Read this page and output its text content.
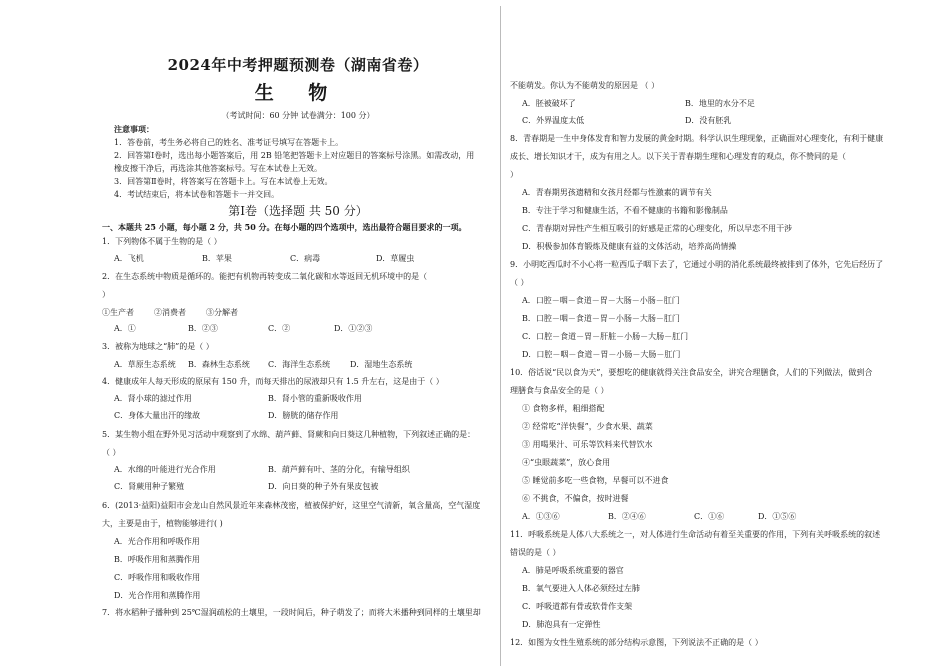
2024年中考押题预测卷（湖南省卷）
生 物
（考试时间：60 分钟 试卷满分：100 分）
注意事项：
1．答卷前，考生务必将自己的姓名、准考证号填写在答题卡上。
2．回答第Ⅰ卷时，选出每小题答案后，用 2B 铅笔把答题卡上对应题目的答案标号涂黑。如需改动，用
橡皮擦干净后，再选涂其他答案标号。写在本试卷上无效。
3．回答第Ⅱ卷时，将答案写在答题卡上。写在本试卷上无效。
4．考试结束后，将本试卷和答题卡一并交回。
第Ⅰ卷（选择题 共 50 分）
一、本题共 25 小题，每小题 2 分，共 50 分。在每小题的四个选项中，选出最符合题目要求的一项。
1．下列物体不属于生物的是（ ）
A．飞机	B．苹果	C．病毒	D．草履虫
2．在生态系统中物质是循环的。能把有机物再转变成二氧化碳和水等返回无机环境中的是（
）
①生产者	②消费者	③分解者
A．①	B．②③	C．②	D．①②③
3．被称为地球之“肺”的是（ ）
A．草原生态系统 B．森林生态系统 C．海洋生态系统 D．湿地生态系统
4．健康成年人每天形成的原尿有 150 升，而每天排出的尿液却只有 1.5 升左右，这是由于（ ）
A．肾小球的滤过作用	B．肾小管的重新吸收作用
C．身体大量出汗的缘故	D．膀胱的储存作用
5．某生物小组在野外见习活动中观察到了水绵、葫芦藓、肾蕨和向日葵这几种植物，下列叙述正确的是：
（ ）
A．水绵的叶能进行光合作用	B．葫芦藓有叶、茎的分化，有输导组织
C．肾蕨用种子繁殖	D．向日葵的种子外有果皮包被
6．(2013·益阳)益阳市会龙山自然风景近年来森林茂密，植被保护好，这里空气清新，氧含量高，空气湿度
大，主要是由于，植物能够进行( )
A．光合作用和呼吸作用
B．呼吸作用和蒸腾作用
C．呼吸作用和吸收作用
D．光合作用和蒸腾作用
7．将水稻种子播种到 25℃湿润疏松的土壤里，一段时间后，种子萌发了；而将大米播种到同样的土壤里却
不能萌发。你认为不能萌发的原因是 （ ）
A．胚被破坏了	B．地里的水分不足
C．外界温度太低	D．没有胚乳
8．青春期是一生中身体发育和智力发展的黄金时期。科学认识生理现象，正确面对心理变化，有利于健康
成长、增长知识才干，成为有用之人。以下关于青春期生理和心理发育的观点，你不赞同的是（
）
A．青春期男孩遗精和女孩月经都与性激素的调节有关
B．专注于学习和健康生活，不看不健康的书籍和影像制品
C．青春期对异性产生相互吸引的好感是正常的心理变化，所以早恋不用干涉
D．积极参加体育锻炼及健康有益的文体活动，培养高尚情操
9．小明吃西瓜时不小心将一粒西瓜子咽下去了，它通过小明的消化系统最终被排到了体外，它先后经历了
（ ）
A．口腔－咽－食道－胃－大肠－小肠－肛门
B．口腔－咽－食道－胃－小肠－大肠－肛门
C．口腔－食道－胃－肝脏－小肠－大肠－肛门
D．口腔－咽－食道－胃－小肠－大肠－肛门
10．俗话说“民以食为天”，要想吃的健康就得关注食品安全，讲究合理膳食，人们的下列做法，做到合
理膳食与食品安全的是（ ）
① 食物多样，粗细搭配
② 经常吃“洋快餐”，少食水果、蔬菜
③ 用喝果汁、可乐等饮料来代替饮水
④“虫眼蔬菜”，放心食用
⑤ 睡觉前多吃一些食物，早餐可以不进食
⑥ 不挑食，不偏食，按时进餐
A．①③⑥	B．②④⑥	C．①⑥	D．①⑤⑥
11．呼吸系统是人体八大系统之一，对人体进行生命活动有着至关重要的作用，下列有关呼吸系统的叙述
错误的是（ ）
A．肺是呼吸系统重要的器官
B．氧气要进入人体必须经过左肺
C．呼吸道都有骨或软骨作支架
D．肺泡具有一定弹性
12．如图为女性生殖系统的部分结构示意图，下列说法不正确的是（ ）
